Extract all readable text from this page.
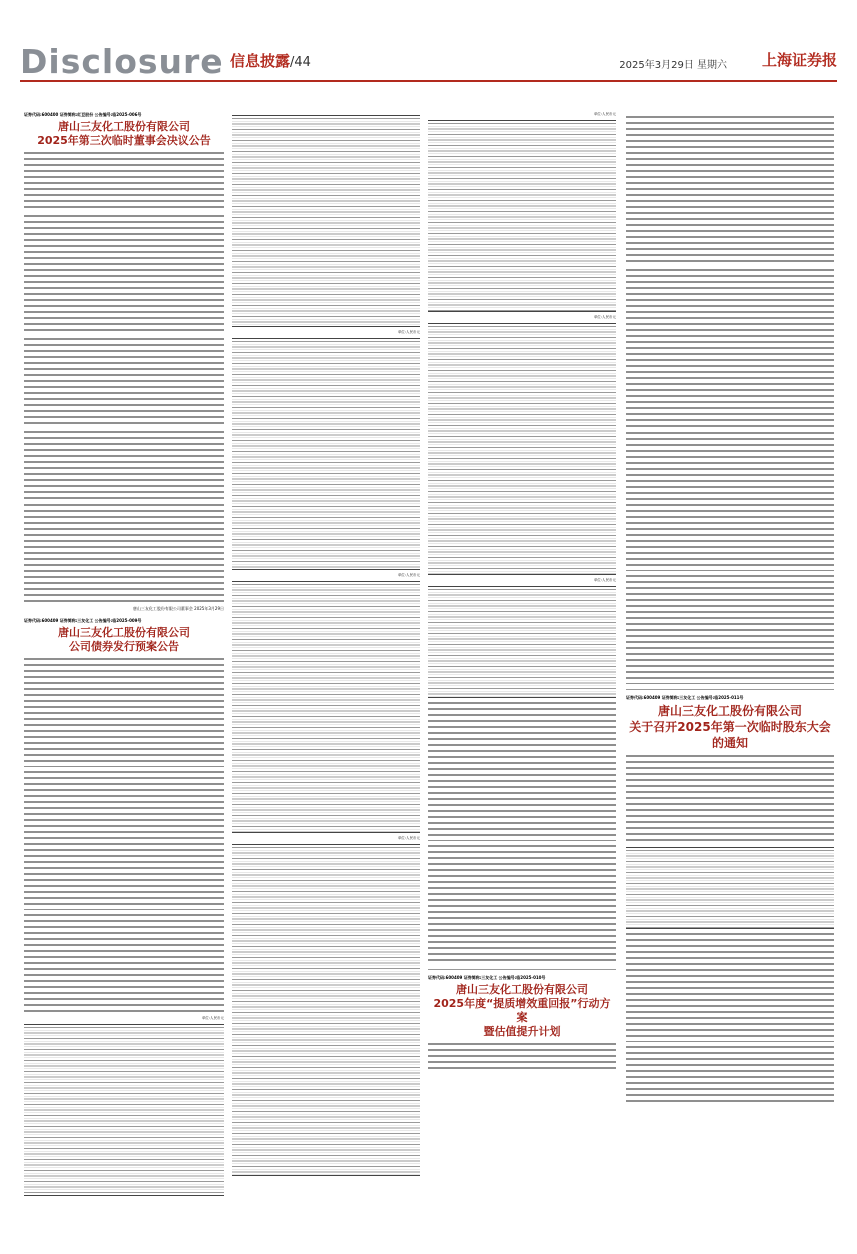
Disclosure 信息披露/44	2025年3月29日 星期六 上海证券报
证券代码:600400 证券简称:红豆股份 公告编号:临2025-006号
唐山三友化工股份有限公司
2025年第三次临时董事会决议公告
唐山三友化工股份有限公司董事会 2025年3月29日
证券代码:600409 证券简称:三友化工 公告编号:临2025-009号
唐山三友化工股份有限公司
公司债券发行预案公告
单位:人民币元
单位:人民币元
单位:人民币元
单位:人民币元
单位:人民币元
单位:人民币元
单位:人民币元
证券代码:600409 证券简称:三友化工 公告编号:临2025-010号
唐山三友化工股份有限公司
2025年度“提质增效重回报”行动方案
暨估值提升计划
证券代码:600409 证券简称:三友化工 公告编号:临2025-011号
唐山三友化工股份有限公司
关于召开2025年第一次临时股东大会的通知
